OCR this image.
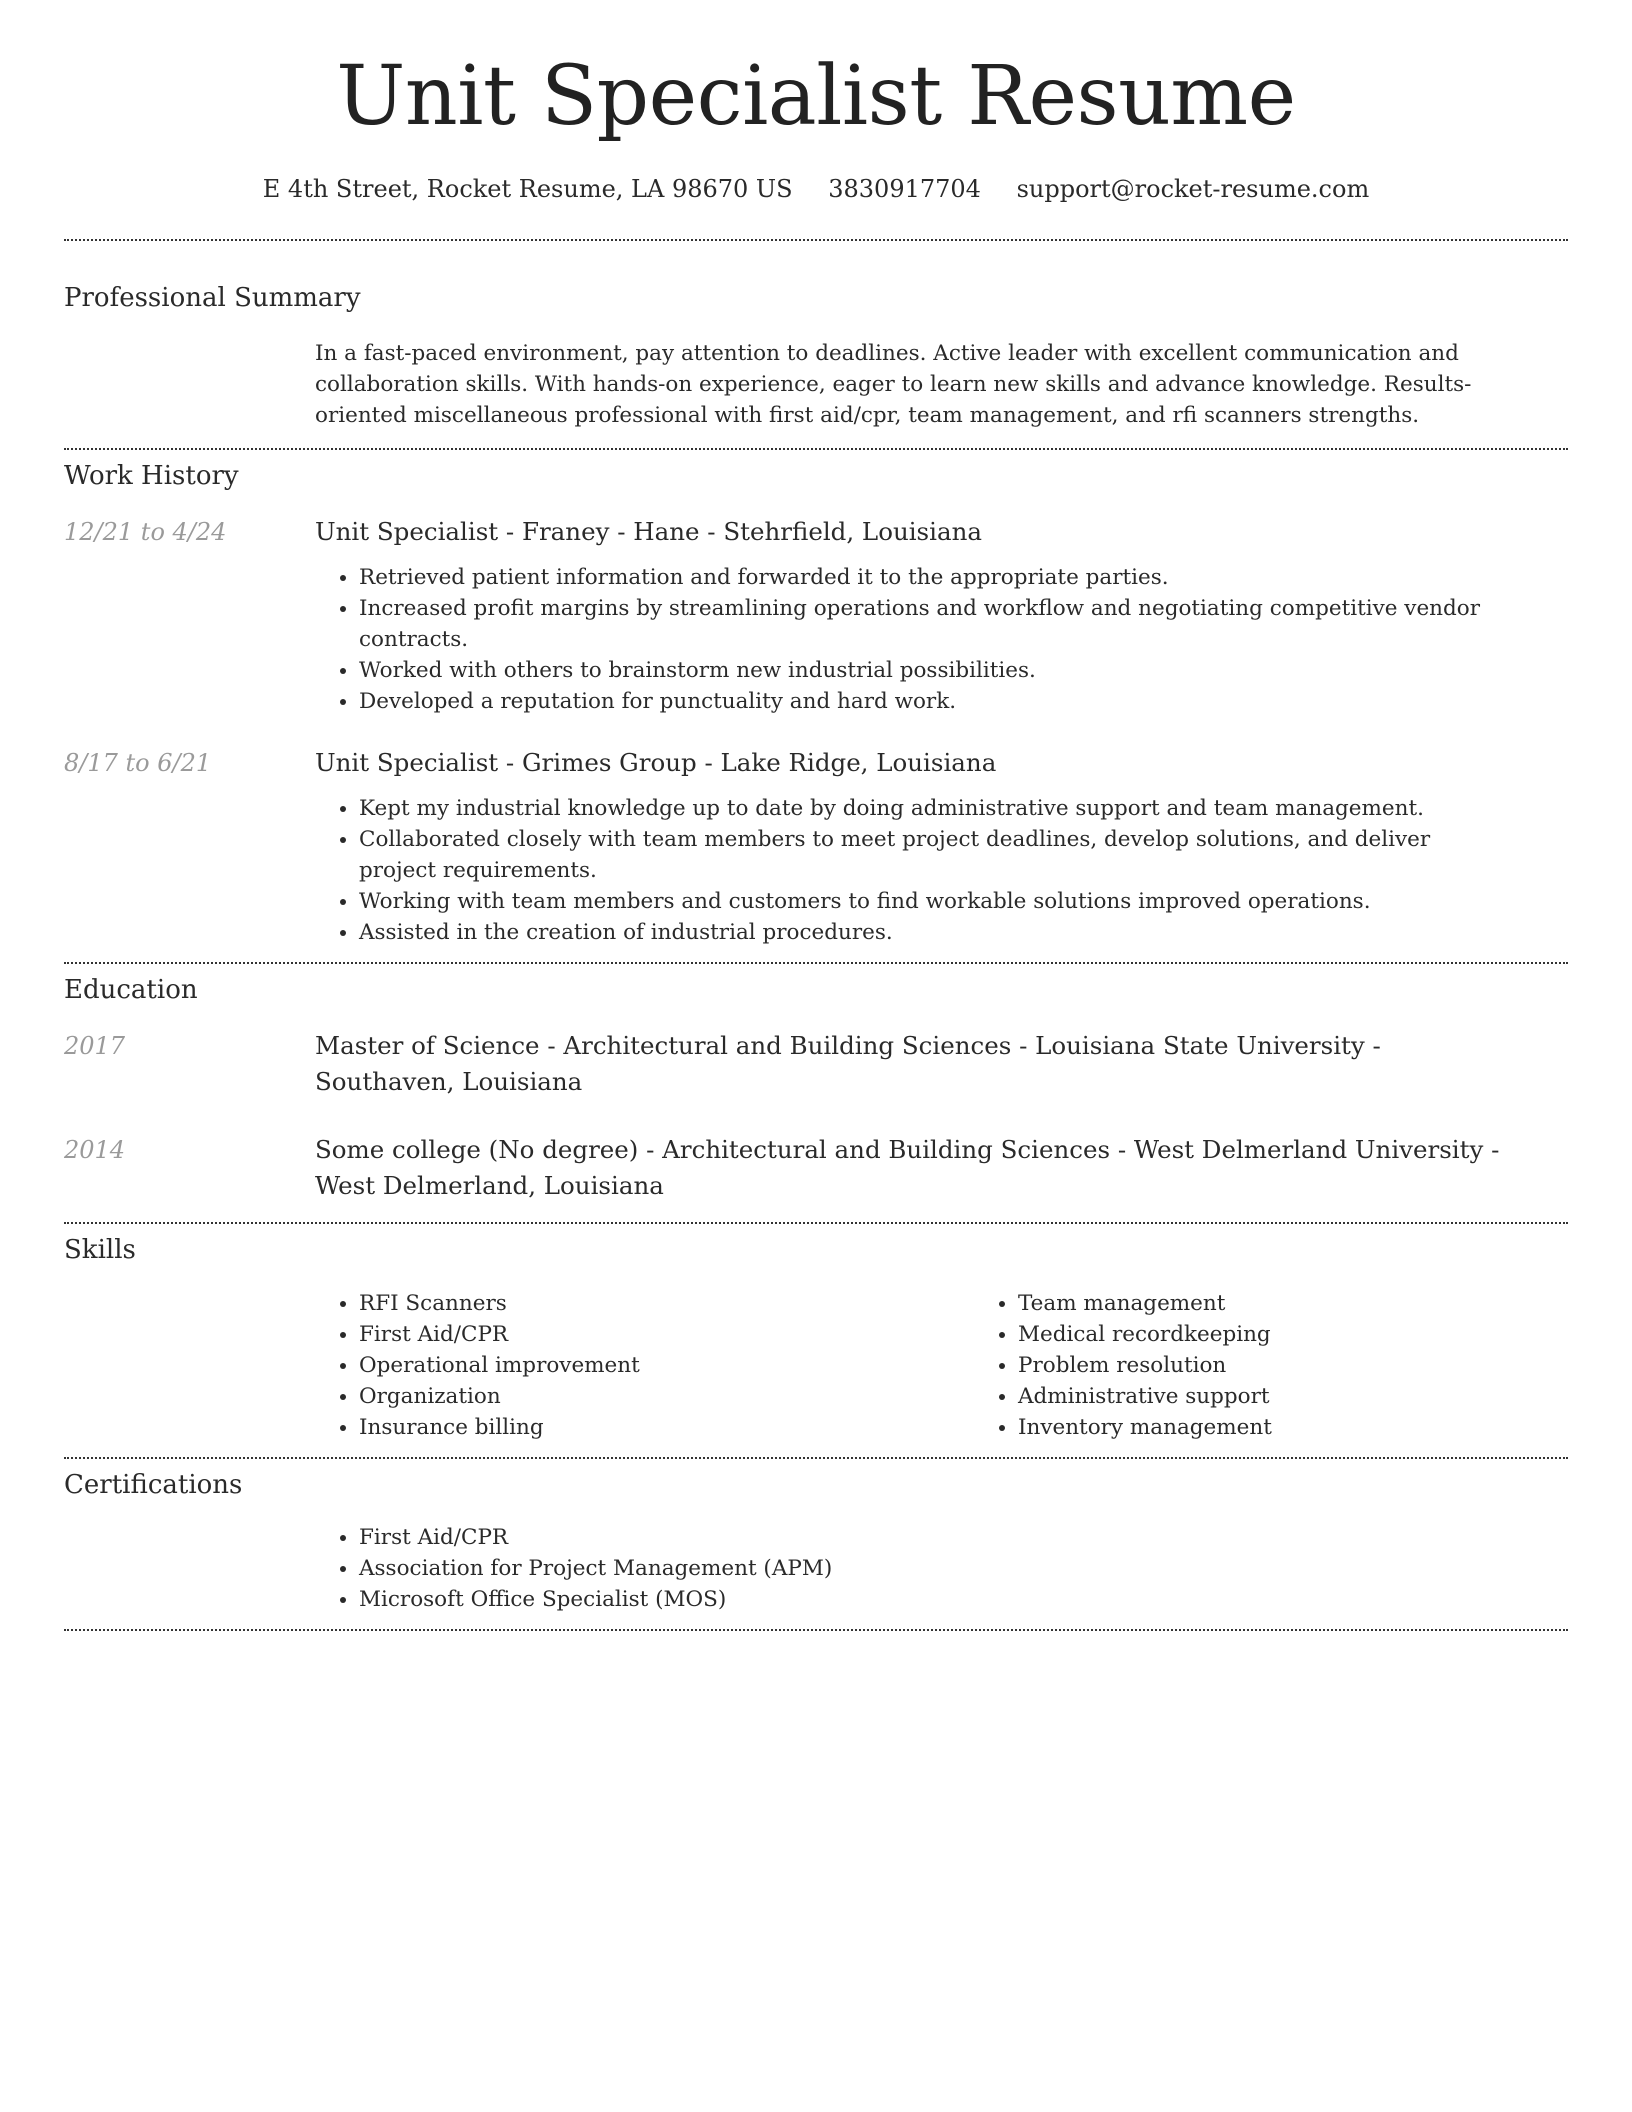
Unit Specialist Resume
E 4th Street, Rocket Resume, LA 98670 US 3830917704 support@rocket-resume.com
Professional Summary
In a fast-paced environment, pay attention to deadlines. Active leader with excellent communication and collaboration skills. With hands-on experience, eager to learn new skills and advance knowledge. Results-oriented miscellaneous professional with first aid/cpr, team management, and rfi scanners strengths.
Work History
12/21 to 4/24	Unit Specialist - Franey - Hane - Stehrfield, Louisiana
• Retrieved patient information and forwarded it to the appropriate parties.
• Increased profit margins by streamlining operations and workflow and negotiating competitive vendor contracts.
• Worked with others to brainstorm new industrial possibilities.
• Developed a reputation for punctuality and hard work.
8/17 to 6/21	Unit Specialist - Grimes Group - Lake Ridge, Louisiana
• Kept my industrial knowledge up to date by doing administrative support and team management.
• Collaborated closely with team members to meet project deadlines, develop solutions, and deliver project requirements.
• Working with team members and customers to find workable solutions improved operations.
• Assisted in the creation of industrial procedures.
Education
2017	Master of Science - Architectural and Building Sciences - Louisiana State University - Southaven, Louisiana
2014	Some college (No degree) - Architectural and Building Sciences - West Delmerland University - West Delmerland, Louisiana
Skills
• RFI Scanners
• First Aid/CPR
• Operational improvement
• Organization
• Insurance billing
• Team management
• Medical recordkeeping
• Problem resolution
• Administrative support
• Inventory management
Certifications
• First Aid/CPR
• Association for Project Management (APM)
• Microsoft Office Specialist (MOS)
